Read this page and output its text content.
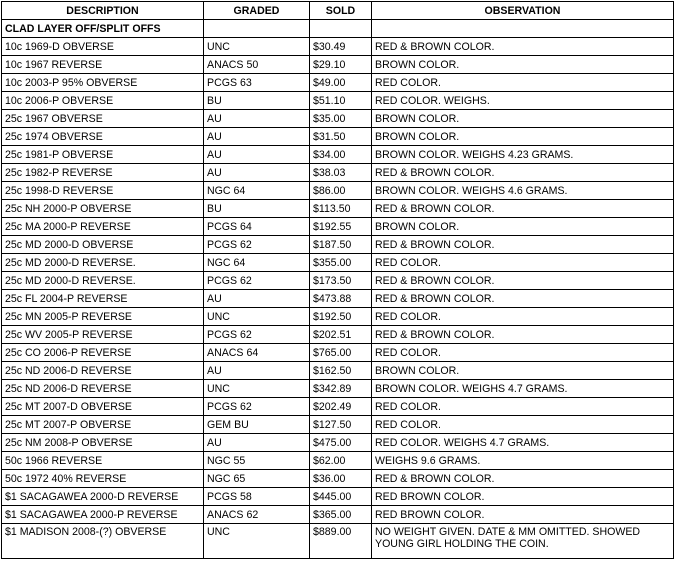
DESCRIPTION	GRADED	SOLD	OBSERVATION
CLAD LAYER OFF/SPLIT OFFS			
10c 1969-D OBVERSE	UNC	$30.49	RED & BROWN COLOR.
10c 1967 REVERSE	ANACS 50	$29.10	BROWN COLOR.
10c 2003-P 95% OBVERSE	PCGS 63	$49.00	RED COLOR.
10c 2006-P OBVERSE	BU	$51.10	RED COLOR. WEIGHS.
25c 1967 OBVERSE	AU	$35.00	BROWN COLOR.
25c 1974 OBVERSE	AU	$31.50	BROWN COLOR.
25c 1981-P OBVERSE	AU	$34.00	BROWN COLOR. WEIGHS 4.23 GRAMS.
25c 1982-P REVERSE	AU	$38.03	RED & BROWN COLOR.
25c 1998-D REVERSE	NGC 64	$86.00	BROWN COLOR. WEIGHS 4.6 GRAMS.
25c NH 2000-P OBVERSE	BU	$113.50	RED & BROWN COLOR.
25c MA 2000-P REVERSE	PCGS 64	$192.55	BROWN COLOR.
25c MD 2000-D OBVERSE	PCGS 62	$187.50	RED & BROWN COLOR.
25c MD 2000-D REVERSE.	NGC 64	$355.00	RED COLOR.
25c MD 2000-D REVERSE.	PCGS 62	$173.50	RED & BROWN COLOR.
25c FL 2004-P REVERSE	AU	$473.88	RED & BROWN COLOR.
25c MN 2005-P REVERSE	UNC	$192.50	RED COLOR.
25c WV 2005-P REVERSE	PCGS 62	$202.51	RED & BROWN COLOR.
25c CO 2006-P REVERSE	ANACS 64	$765.00	RED COLOR.
25c ND 2006-D REVERSE	AU	$162.50	BROWN COLOR.
25c ND 2006-D REVERSE	UNC	$342.89	BROWN COLOR. WEIGHS 4.7 GRAMS.
25c MT 2007-D OBVERSE	PCGS 62	$202.49	RED COLOR.
25c MT 2007-P OBVERSE	GEM BU	$127.50	RED COLOR.
25c NM 2008-P OBVERSE	AU	$475.00	RED COLOR. WEIGHS 4.7 GRAMS.
50c 1966 REVERSE	NGC 55	$62.00	WEIGHS 9.6 GRAMS.
50c 1972 40% REVERSE	NGC 65	$36.00	RED & BROWN COLOR.
$1 SACAGAWEA 2000-D REVERSE	PCGS 58	$445.00	RED BROWN COLOR.
$1 SACAGAWEA 2000-P REVERSE	ANACS 62	$365.00	RED BROWN COLOR.
$1 MADISON 2008-(?) OBVERSE	UNC	$889.00	NO WEIGHT GIVEN. DATE & MM OMITTED. SHOWED YOUNG GIRL HOLDING THE COIN.
